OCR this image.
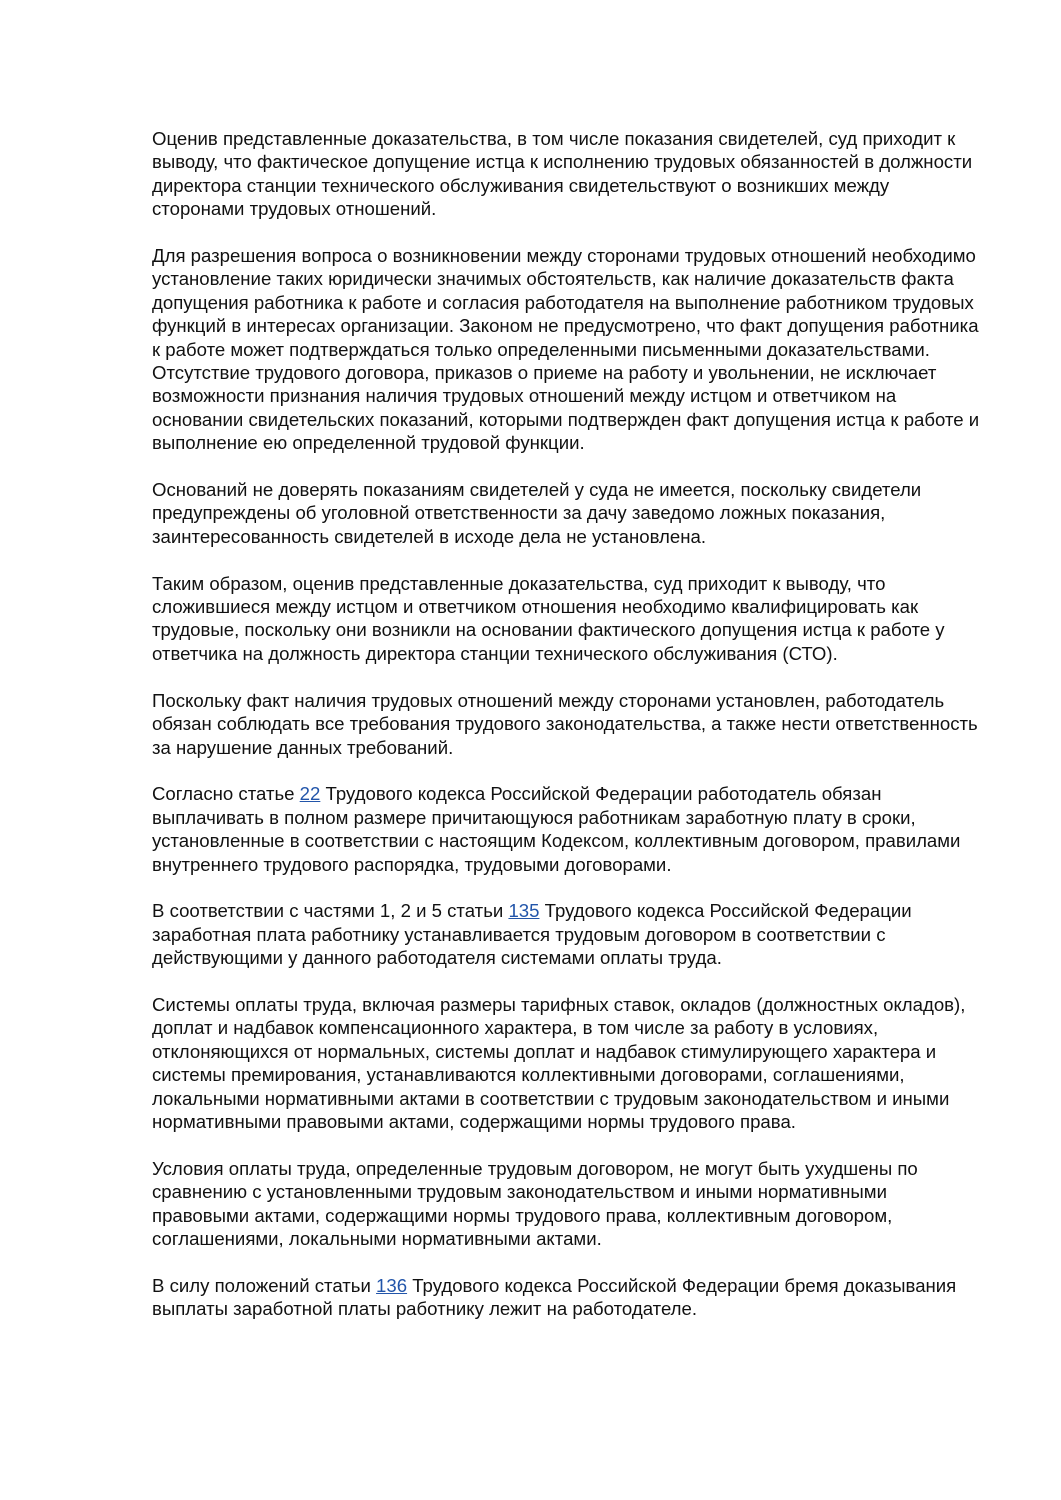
Оценив представленные доказательства, в том числе показания свидетелей, суд приходит к выводу, что фактическое допущение истца к исполнению трудовых обязанностей в должности директора станции технического обслуживания свидетельствуют о возникших между сторонами трудовых отношений.

Для разрешения вопроса о возникновении между сторонами трудовых отношений необходимо установление таких юридически значимых обстоятельств, как наличие доказательств факта допущения работника к работе и согласия работодателя на выполнение работником трудовых функций в интересах организации. Законом не предусмотрено, что факт допущения работника к работе может подтверждаться только определенными письменными доказательствами. Отсутствие трудового договора, приказов о приеме на работу и увольнении, не исключает возможности признания наличия трудовых отношений между истцом и ответчиком на основании свидетельских показаний, которыми подтвержден факт допущения истца к работе и выполнение ею определенной трудовой функции.

Оснований не доверять показаниям свидетелей у суда не имеется, поскольку свидетели предупреждены об уголовной ответственности за дачу заведомо ложных показания, заинтересованность свидетелей в исходе дела не установлена.

Таким образом, оценив представленные доказательства, суд приходит к выводу, что сложившиеся между истцом и ответчиком отношения необходимо квалифицировать как трудовые, поскольку они возникли на основании фактического допущения истца к работе у ответчика на должность директора станции технического обслуживания (СТО).

Поскольку факт наличия трудовых отношений между сторонами установлен, работодатель обязан соблюдать все требования трудового законодательства, а также нести ответственность за нарушение данных требований.

Согласно статье 22 Трудового кодекса Российской Федерации работодатель обязан выплачивать в полном размере причитающуюся работникам заработную плату в сроки, установленные в соответствии с настоящим Кодексом, коллективным договором, правилами внутреннего трудового распорядка, трудовыми договорами.

В соответствии с частями 1, 2 и 5 статьи 135 Трудового кодекса Российской Федерации заработная плата работнику устанавливается трудовым договором в соответствии с действующими у данного работодателя системами оплаты труда.

Системы оплаты труда, включая размеры тарифных ставок, окладов (должностных окладов), доплат и надбавок компенсационного характера, в том числе за работу в условиях, отклоняющихся от нормальных, системы доплат и надбавок стимулирующего характера и системы премирования, устанавливаются коллективными договорами, соглашениями, локальными нормативными актами в соответствии с трудовым законодательством и иными нормативными правовыми актами, содержащими нормы трудового права.

Условия оплаты труда, определенные трудовым договором, не могут быть ухудшены по сравнению с установленными трудовым законодательством и иными нормативными правовыми актами, содержащими нормы трудового права, коллективным договором, соглашениями, локальными нормативными актами.

В силу положений статьи 136 Трудового кодекса Российской Федерации бремя доказывания выплаты заработной платы работнику лежит на работодателе.
